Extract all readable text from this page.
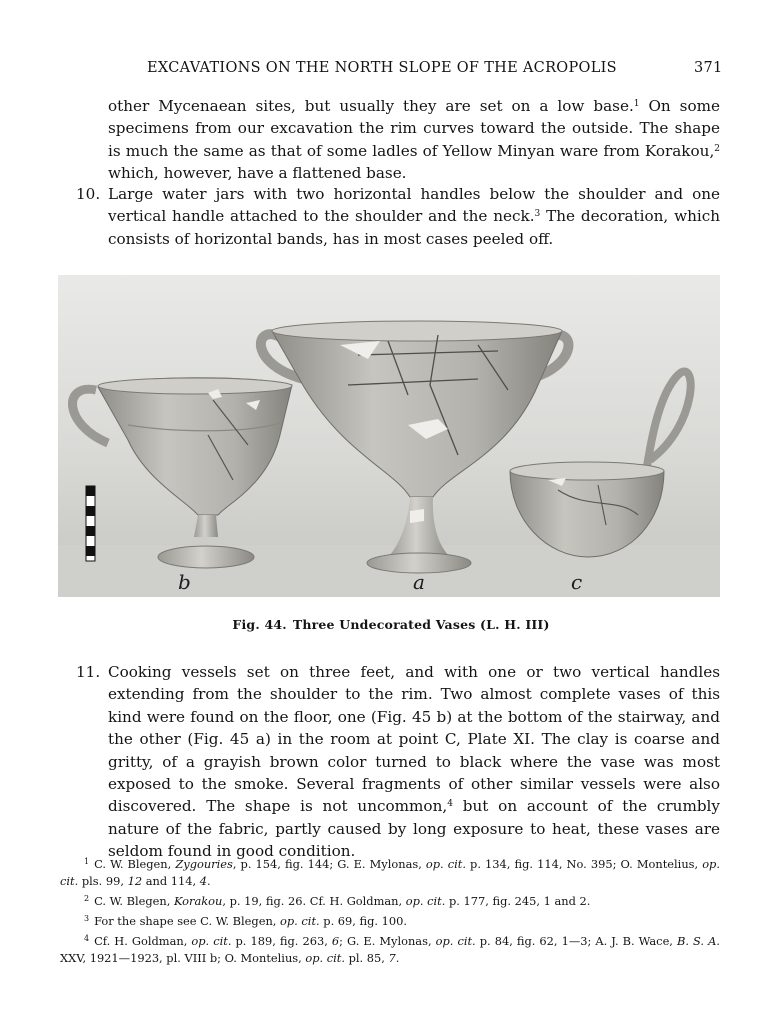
EXCAVATIONS ON THE NORTH SLOPE OF THE ACROPOLIS	371

other Mycenaean sites, but usually they are set on a low base.$^1$ On some specimens from our excavation the rim curves toward the outside. The shape is much the same as that of some ladles of Yellow Minyan ware from Korakou,$^2$ which, however, have a flattened base.

10. Large water jars with two horizontal handles below the shoulder and one vertical handle attached to the shoulder and the neck.$^3$ The decoration, which consists of horizontal bands, has in most cases peeled off.

b	a	c
Fig. 44. Three Undecorated Vases (L. H. III)
11. Cooking vessels set on three feet, and with one or two vertical handles extending from the shoulder to the rim. Two almost complete vases of this kind were found on the floor, one (Fig. 45 b) at the bottom of the stairway, and the other (Fig. 45 a) in the room at point C, Plate XI. The clay is coarse and gritty, of a grayish brown color turned to black where the vase was most exposed to the smoke. Several fragments of other similar vessels were also discovered. The shape is not uncommon,$^4$ but on account of the crumbly nature of the fabric, partly caused by long exposure to heat, these vases are seldom found in good condition.

$^1$ C. W. Blegen, Zygouries, p. 154, fig. 144; G. E. Mylonas, op. cit. p. 134, fig. 114, No. 395; O. Montelius, op. cit. pls. 99, 12 and 114, 4.

$^2$ C. W. Blegen, Korakou, p. 19, fig. 26. Cf. H. Goldman, op. cit. p. 177, fig. 245, 1 and 2.

$^3$ For the shape see C. W. Blegen, op. cit. p. 69, fig. 100.

$^4$ Cf. H. Goldman, op. cit. p. 189, fig. 263, 6; G. E. Mylonas, op. cit. p. 84, fig. 62, 1—3; A. J. B. Wace, B. S. A. XXV, 1921—1923, pl. VIII b; O. Montelius, op. cit. pl. 85, 7.
